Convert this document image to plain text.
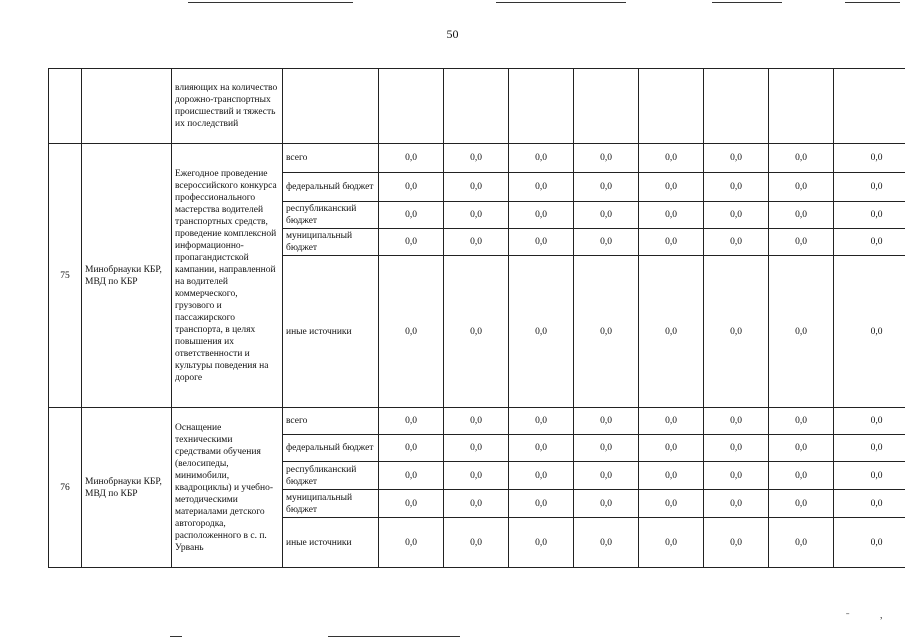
ˉ	,
50
		влияющих на количество дорожно-транспортных происшествий и тяжесть их последствий									
75	Минобрнауки КБР, МВД по КБР	Ежегодное проведение всероссийского конкурса профессионального мастерства водителей транспортных средств, проведение комплексной информационно-пропагандистской кампании, направленной на водителей коммерческого, грузового и пассажирского транспорта, в целях повышения их ответственности и культуры поведения на дороге	всего	0,0	0,0	0,0	0,0	0,0	0,0	0,0	0,0
			федеральный бюджет	0,0	0,0	0,0	0,0	0,0	0,0	0,0	0,0
			республиканский бюджет	0,0	0,0	0,0	0,0	0,0	0,0	0,0	0,0
			муниципальный бюджет	0,0	0,0	0,0	0,0	0,0	0,0	0,0	0,0
			иные источники	0,0	0,0	0,0	0,0	0,0	0,0	0,0	0,0
76	Минобрнауки КБР, МВД по КБР	Оснащение техническими средствами обучения (велосипеды, минимобили, квадроциклы) и учебно-методическими материалами детского автогородка, расположенного в с. п. Урвань	всего	0,0	0,0	0,0	0,0	0,0	0,0	0,0	0,0
			федеральный бюджет	0,0	0,0	0,0	0,0	0,0	0,0	0,0	0,0
			республиканский бюджет	0,0	0,0	0,0	0,0	0,0	0,0	0,0	0,0
			муниципальный бюджет	0,0	0,0	0,0	0,0	0,0	0,0	0,0	0,0
			иные источники	0,0	0,0	0,0	0,0	0,0	0,0	0,0	0,0
